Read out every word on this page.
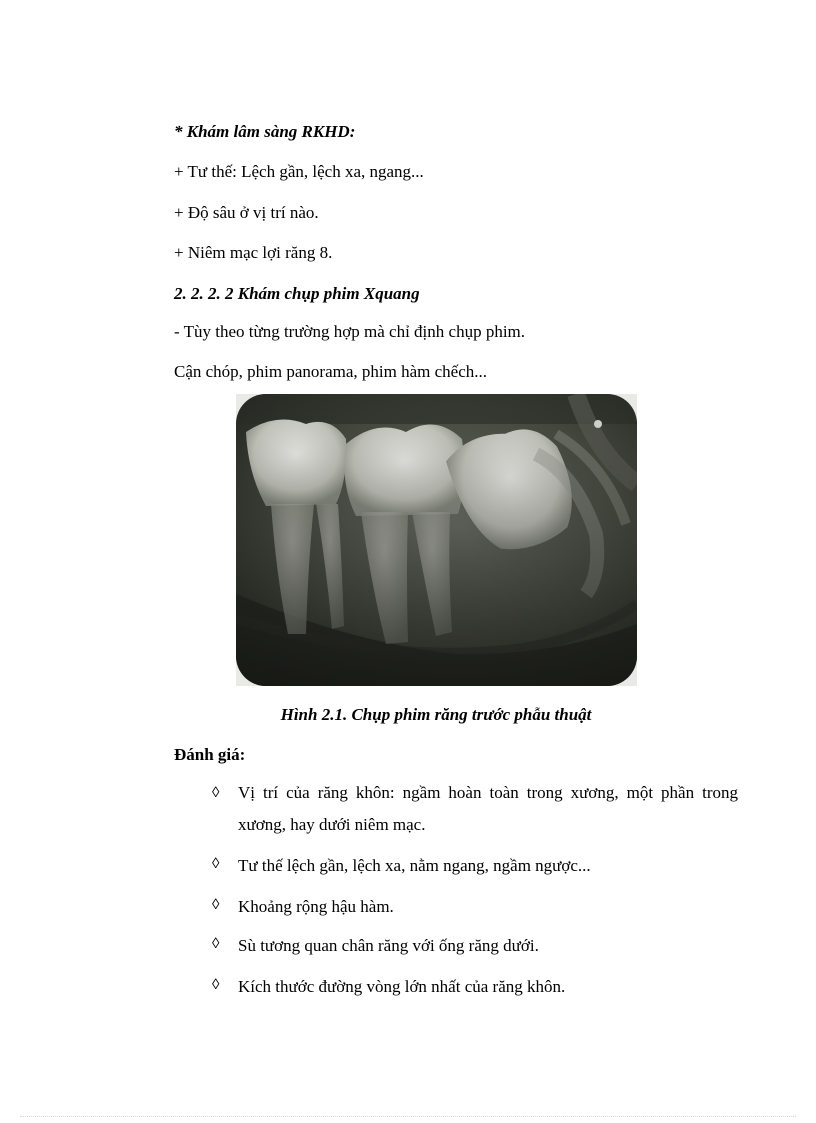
* Khám lâm sàng RKHD:
+ Tư thế: Lệch gần, lệch xa, ngang...
+ Độ sâu ở vị trí nào.
+ Niêm mạc lợi răng 8.
2. 2. 2. 2 Khám chụp phim Xquang
- Tùy theo từng trường hợp mà chỉ định chụp phim.
Cận chóp, phim panorama, phim hàm chếch...
Hình 2.1. Chụp phim răng trước phẫu thuật
Đánh giá:
◊ Vị trí của răng khôn: ngầm hoàn toàn trong xương, một phần trong xương, hay dưới niêm mạc.
◊ Tư thế lệch gần, lệch xa, nằm ngang, ngầm ngược...
◊ Khoảng rộng hậu hàm.
◊ Sù tương quan chân răng với ống răng dưới.
◊ Kích thước đường vòng lớn nhất của răng khôn.
